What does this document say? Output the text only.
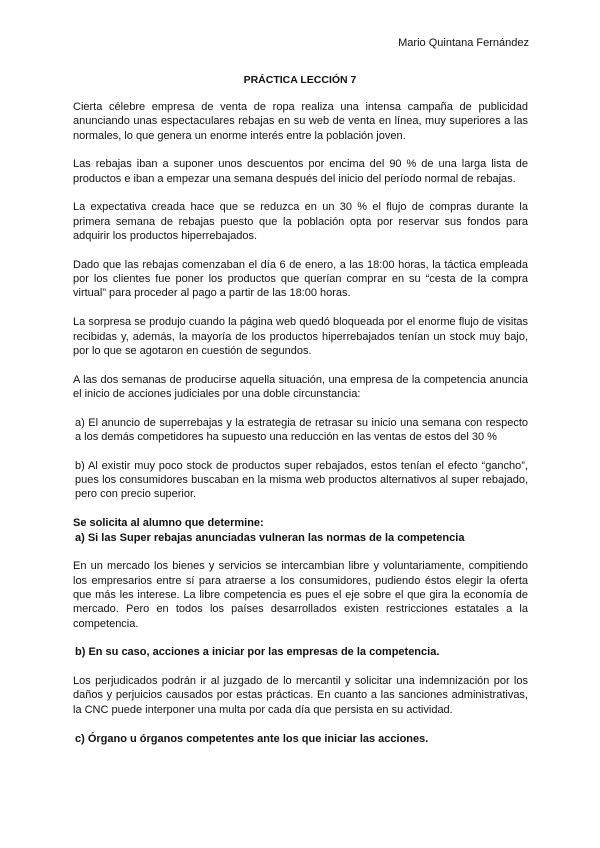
Mario Quintana Fernández
PRÁCTICA LECCIÓN 7

Cierta célebre empresa de venta de ropa realiza una intensa campaña de publicidad anunciando unas espectaculares rebajas en su web de venta en línea, muy superiores a las normales, lo que genera un enorme interés entre la población joven.

Las rebajas iban a suponer unos descuentos por encima del 90 % de una larga lista de productos e iban a empezar una semana después del inicio del período normal de rebajas.

La expectativa creada hace que se reduzca en un 30 % el flujo de compras durante la primera semana de rebajas puesto que la población opta por reservar sus fondos para adquirir los productos hiperrebajados.

Dado que las rebajas comenzaban el día 6 de enero, a las 18:00 horas, la táctica empleada por los clientes fue poner los productos que querían comprar en su “cesta de la compra virtual” para proceder al pago a partir de las 18:00 horas.

La sorpresa se produjo cuando la página web quedó bloqueada por el enorme flujo de visitas recibidas y, además, la mayoría de los productos hiperrebajados tenían un stock muy bajo, por lo que se agotaron en cuestión de segundos.

A las dos semanas de producirse aquella situación, una empresa de la competencia anuncia el inicio de acciones judiciales por una doble circunstancia:

a) El anuncio de superrebajas y la estrategia de retrasar su inicio una semana con respecto a los demás competidores ha supuesto una reducción en las ventas de estos del 30 %

b) Al existir muy poco stock de productos super rebajados, estos tenían el efecto “gancho”, pues los consumidores buscaban en la misma web productos alternativos al super rebajado, pero con precio superior.

Se solicita al alumno que determine:

a) Si las Super rebajas anunciadas vulneran las normas de la competencia

En un mercado los bienes y servicios se intercambian libre y voluntariamente, compitiendo los empresarios entre sí para atraerse a los consumidores, pudiendo éstos elegir la oferta que más les interese. La libre competencia es pues el eje sobre el que gira la economía de mercado. Pero en todos los países desarrollados existen restricciones estatales a la competencia.

b) En su caso, acciones a iniciar por las empresas de la competencia.

Los perjudicados podrán ir al juzgado de lo mercantil y solicitar una indemnización por los daños y perjuicios causados por estas prácticas. En cuanto a las sanciones administrativas, la CNC puede interponer una multa por cada día que persista en su actividad.

c) Órgano u órganos competentes ante los que iniciar las acciones.
